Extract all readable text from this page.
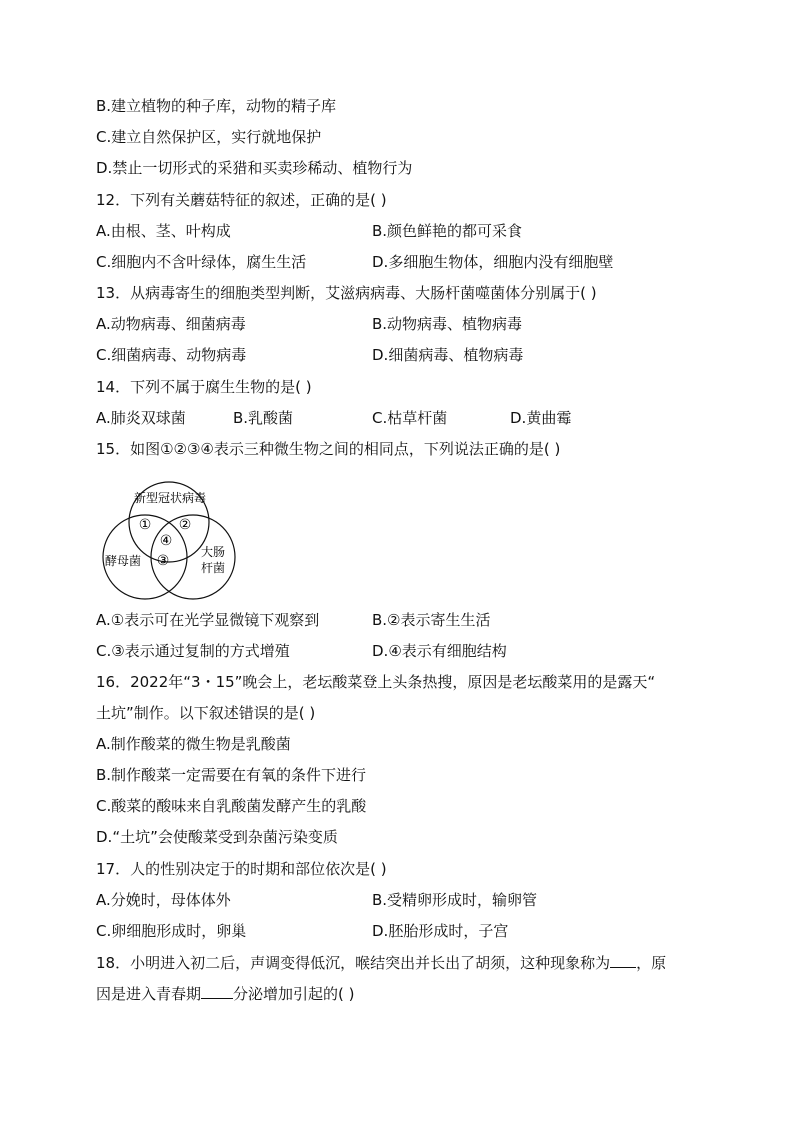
B.建立植物的种子库，动物的精子库
C.建立自然保护区，实行就地保护
D.禁止一切形式的采猎和买卖珍稀动、植物行为
12．下列有关蘑菇特征的叙述，正确的是( )
A.由根、茎、叶构成	B.颜色鲜艳的都可采食
C.细胞内不含叶绿体，腐生生活	D.多细胞生物体，细胞内没有细胞壁
13．从病毒寄生的细胞类型判断，艾滋病病毒、大肠杆菌噬菌体分别属于( )
A.动物病毒、细菌病毒	B.动物病毒、植物病毒
C.细菌病毒、动物病毒	D.细菌病毒、植物病毒
14．下列不属于腐生生物的是( )
A.肺炎双球菌	B.乳酸菌	C.枯草杆菌	D.黄曲霉
15．如图①②③④表示三种微生物之间的相同点，下列说法正确的是( )
新型冠状病毒
酵母菌
大肠
杆菌
① ②
③
④
A.①表示可在光学显微镜下观察到	B.②表示寄生生活
C.③表示通过复制的方式增殖	D.④表示有细胞结构
16．2022年“3・15”晚会上，老坛酸菜登上头条热搜，原因是老坛酸菜用的是露天“
土坑”制作。以下叙述错误的是( )
A.制作酸菜的微生物是乳酸菌
B.制作酸菜一定需要在有氧的条件下进行
C.酸菜的酸味来自乳酸菌发酵产生的乳酸
D.“土坑”会使酸菜受到杂菌污染变质
17．人的性别决定于的时期和部位依次是( )
A.分娩时，母体体外	B.受精卵形成时，输卵管
C.卵细胞形成时，卵巢	D.胚胎形成时，子宫
18．小明进入初二后，声调变得低沉，喉结突出并长出了胡须，这种现象称为 ，原
因是进入青春期 分泌增加引起的( )
